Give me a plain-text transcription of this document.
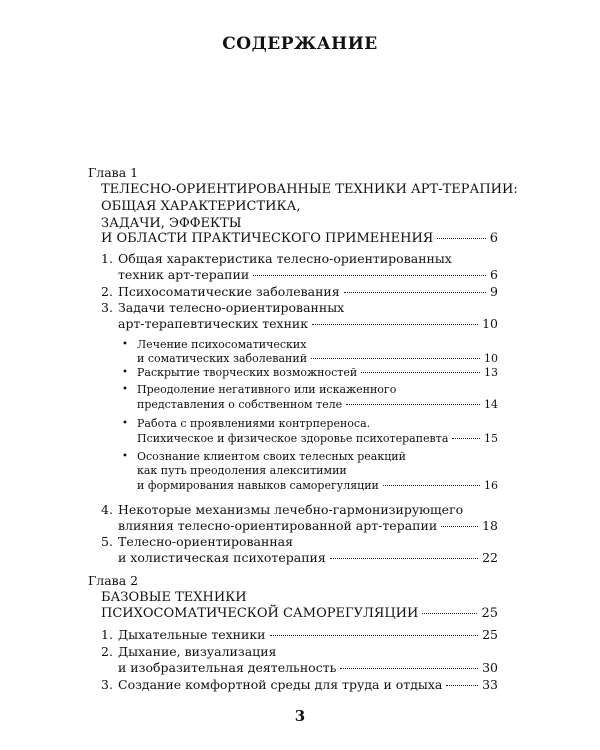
СОДЕРЖАНИЕ
Глава 1
ТЕЛЕСНО-ОРИЕНТИРОВАННЫЕ ТЕХНИКИ АРТ-ТЕРАПИИ:
ОБЩАЯ ХАРАКТЕРИСТИКА,
ЗАДАЧИ, ЭФФЕКТЫ
И ОБЛАСТИ ПРАКТИЧЕСКОГО ПРИМЕНЕНИЯ	6
1. Общая характеристика телесно-ориентированных
техник арт-терапии	6
2. Психосоматические заболевания	9
3. Задачи телесно-ориентированных
арт-терапевтических техник	10
• Лечение психосоматических
и соматических заболеваний	10
• Раскрытие творческих возможностей	13
• Преодоление негативного или искаженного
представления о собственном теле	14
• Работа с проявлениями контрпереноса.
Психическое и физическое здоровье психотерапевта	15
• Осознание клиентом своих телесных реакций
как путь преодоления алекситимии
и формирования навыков саморегуляции	16
4. Некоторые механизмы лечебно-гармонизирующего
влияния телесно-ориентированной арт-терапии	18
5. Телесно-ориентированная
и холистическая психотерапия	22
Глава 2
БАЗОВЫЕ ТЕХНИКИ
ПСИХОСОМАТИЧЕСКОЙ САМОРЕГУЛЯЦИИ	25
1. Дыхательные техники	25
2. Дыхание, визуализация
и изобразительная деятельность	30
3. Создание комфортной среды для труда и отдыха	33
3
